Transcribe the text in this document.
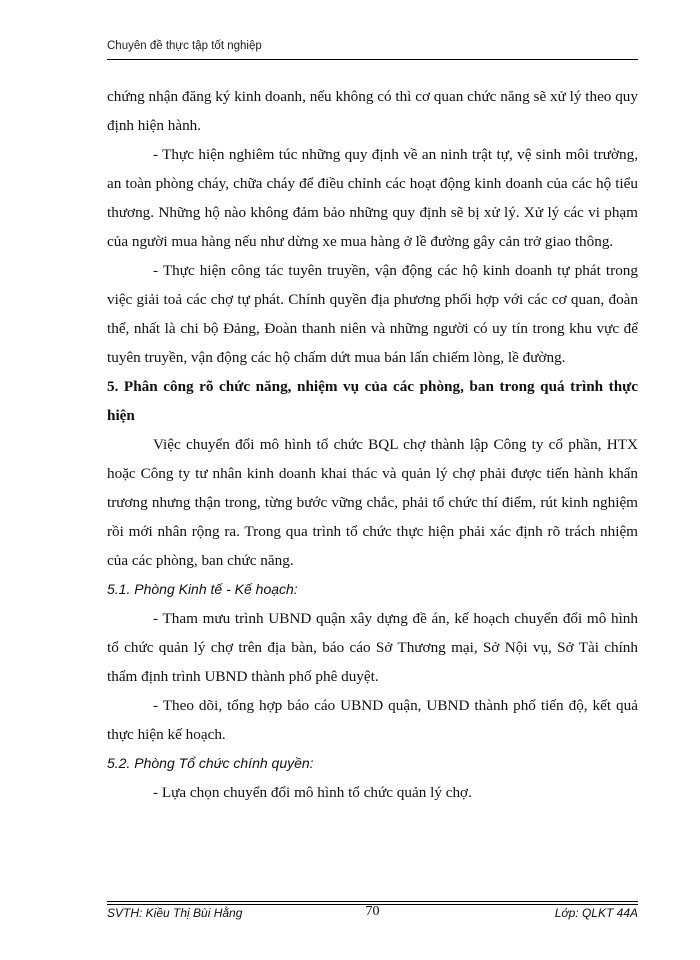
Chuyên đề thực tập tốt nghiệp

chứng nhận đăng ký kinh doanh, nếu không có thì cơ quan chức năng sẽ xử lý theo quy định hiện hành.

- Thực hiện nghiêm túc những quy định về an ninh trật tự, vệ sinh môi trường, an toàn phòng cháy, chữa cháy để điều chỉnh các hoạt động kinh doanh của các hộ tiểu thương. Những hộ nào không đảm bảo những quy định sẽ bị xử lý. Xử lý các vi phạm của người mua hàng nếu như dừng xe mua hàng ở lề đường gây cản trở giao thông.

- Thực hiện công tác tuyên truyền, vận động các hộ kinh doanh tự phát trong việc giải toả các chợ tự phát. Chính quyền địa phương phối hợp với các cơ quan, đoàn thể, nhất là chi bộ Đảng, Đoàn thanh niên và những người có uy tín trong khu vực để tuyên truyền, vận động các hộ chấm dứt mua bán lấn chiếm lòng, lề đường.

5. Phân công rõ chức năng, nhiệm vụ của các phòng, ban trong quá trình thực hiện

Việc chuyển đổi mô hình tổ chức BQL chợ thành lập Công ty cổ phần, HTX hoặc Công ty tư nhân kinh doanh khai thác và quản lý chợ phải được tiến hành khẩn trương nhưng thận trong, từng bước vững chắc, phải tổ chức thí điểm, rút kinh nghiệm rồi mới nhân rộng ra. Trong qua trình tổ chức thực hiện phải xác định rõ trách nhiệm của các phòng, ban chức năng.

5.1. Phòng Kinh tế - Kế hoạch:

- Tham mưu trình UBND quận xây dựng đề án, kế hoạch chuyển đổi mô hình tổ chức quản lý chợ trên địa bàn, báo cáo Sở Thương mại, Sở Nội vụ, Sở Tài chính thẩm định trình UBND thành phố phê duyệt.

- Theo dõi, tổng hợp báo cáo UBND quận, UBND thành phố tiến độ, kết quả thực hiện kế hoạch.

5.2. Phòng Tổ chức chính quyền:

- Lựa chọn chuyển đổi mô hình tổ chức quản lý chợ.

SVTH: Kiều Thị Bùi Hằng	70	Lớp: QLKT 44A
